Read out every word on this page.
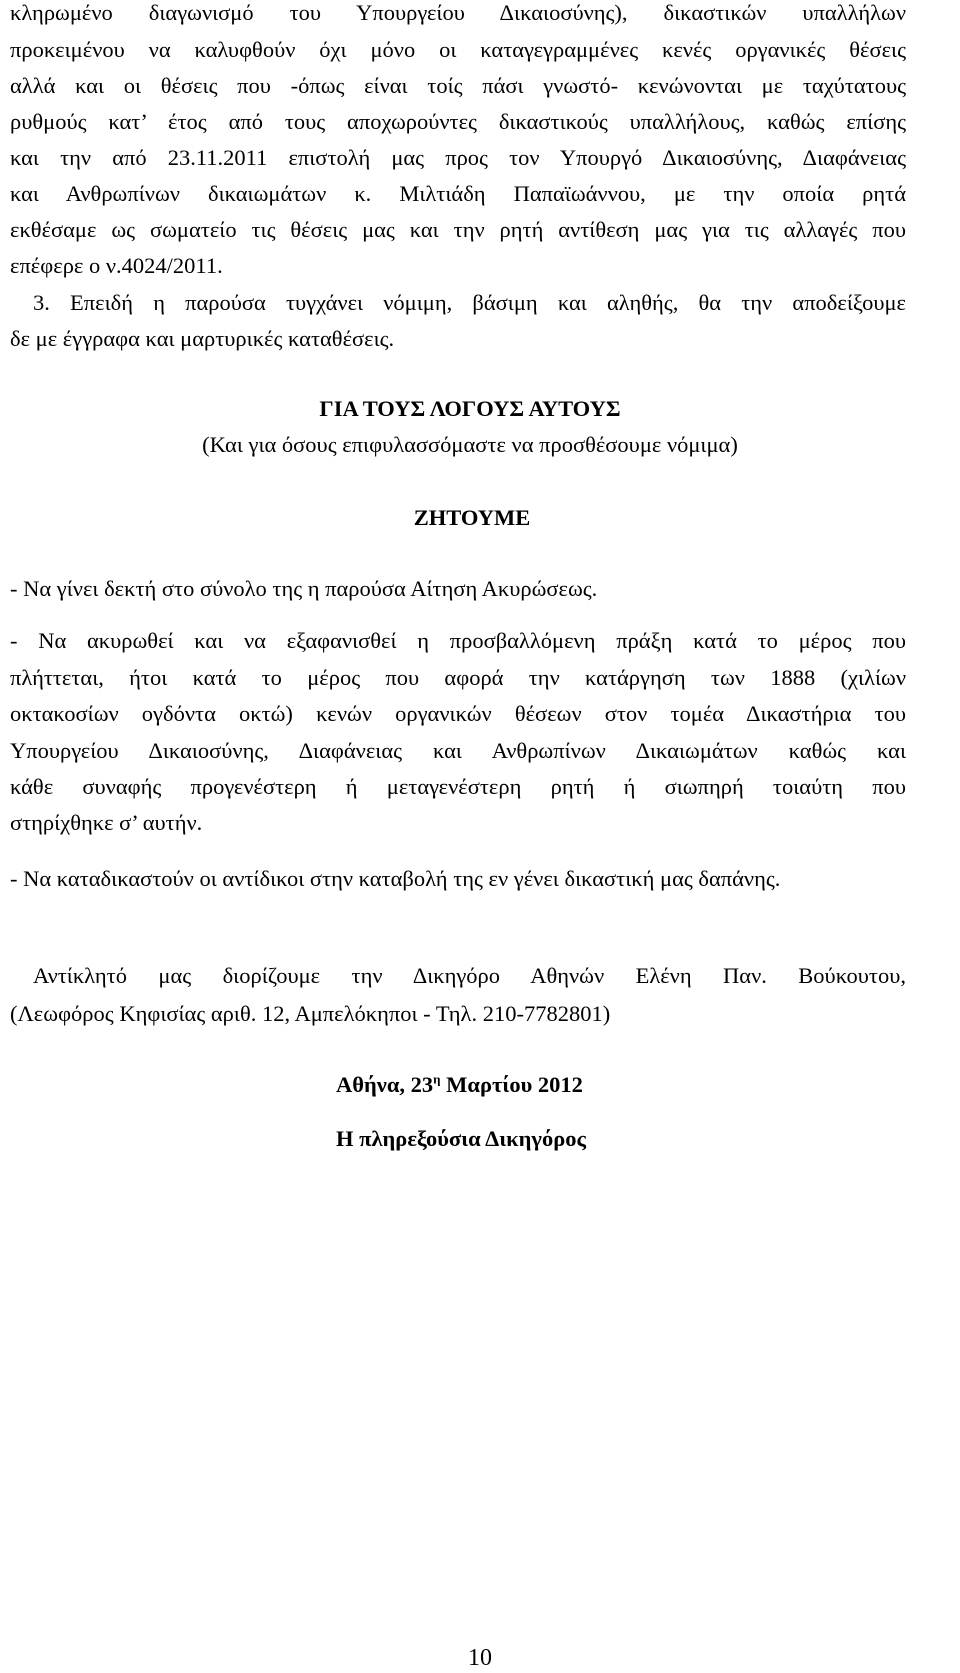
κληρωμένο διαγωνισμό του Υπουργείου Δικαιοσύνης), δικαστικών υπαλλήλων
προκειμένου να καλυφθούν όχι μόνο οι καταγεγραμμένες κενές οργανικές θέσεις
αλλά και οι θέσεις που -όπως είναι τοίς πάσι γνωστό- κενώνονται με ταχύτατους
ρυθμούς κατ’ έτος από τους αποχωρούντες δικαστικούς υπαλλήλους, καθώς επίσης
και την από 23.11.2011 επιστολή μας προς τον Υπουργό Δικαιοσύνης, Διαφάνειας
και Ανθρωπίνων δικαιωμάτων κ. Μιλτιάδη Παπαϊωάννου, με την οποία ρητά
εκθέσαμε ως σωματείο τις θέσεις μας και την ρητή αντίθεση μας για τις αλλαγές που
επέφερε ο ν.4024/2011.
3. Επειδή η παρούσα τυγχάνει νόμιμη, βάσιμη και αληθής, θα την αποδείξουμε
δε με έγγραφα και μαρτυρικές καταθέσεις.
ΓΙΑ ΤΟΥΣ ΛΟΓΟΥΣ ΑΥΤΟΥΣ
(Και για όσους επιφυλασσόμαστε να προσθέσουμε νόμιμα)
ΖΗΤΟΥΜΕ
- Να γίνει δεκτή στο σύνολο της η παρούσα Αίτηση Ακυρώσεως.
- Να ακυρωθεί και να εξαφανισθεί η προσβαλλόμενη πράξη κατά το μέρος που
πλήττεται, ήτοι κατά το μέρος που αφορά την κατάργηση των 1888 (χιλίων
οκτακοσίων ογδόντα οκτώ) κενών οργανικών θέσεων στον τομέα Δικαστήρια του
Υπουργείου Δικαιοσύνης, Διαφάνειας και Ανθρωπίνων Δικαιωμάτων καθώς και
κάθε συναφής προγενέστερη ή μεταγενέστερη ρητή ή σιωπηρή τοιαύτη που
στηρίχθηκε σ’ αυτήν.
- Να καταδικαστούν οι αντίδικοι στην καταβολή της εν γένει δικαστική μας δαπάνης.
Αντίκλητό μας διορίζουμε την Δικηγόρο Αθηνών Ελένη Παν. Βούκουτου,
(Λεωφόρος Κηφισίας αριθ. 12, Αμπελόκηποι - Τηλ. 210-7782801)
Αθήνα, $23^\eta$ Μαρτίου 2012
Η πληρεξούσια Δικηγόρος
10
